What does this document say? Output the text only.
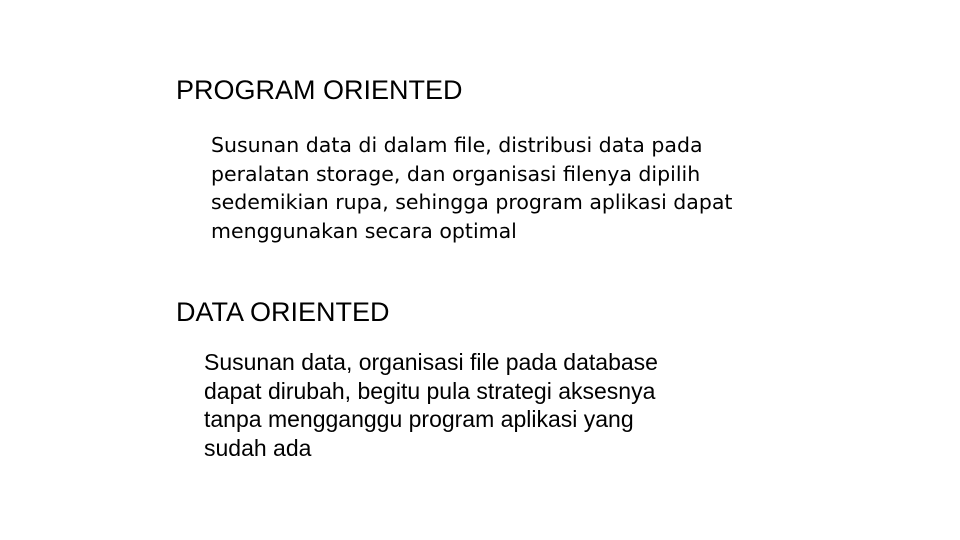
PROGRAM ORIENTED

Susunan data di dalam file, distribusi data pada
peralatan storage, dan organisasi filenya dipilih
sedemikian rupa, sehingga program aplikasi dapat
menggunakan secara optimal

DATA ORIENTED

Susunan data, organisasi file pada database
dapat dirubah, begitu pula strategi aksesnya
tanpa mengganggu program aplikasi yang
sudah ada
